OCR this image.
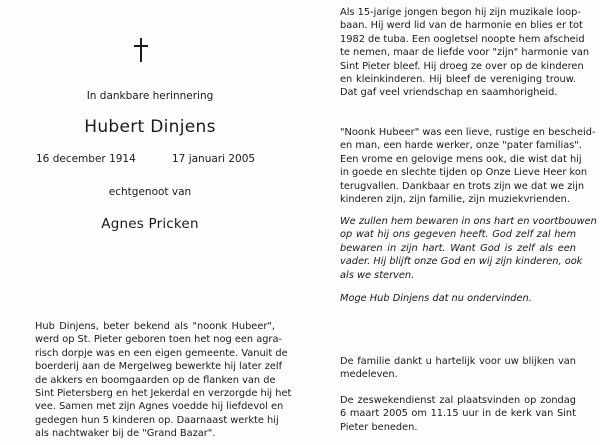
In dankbare herinnering
Hubert Dinjens
16 december 1914	17 januari 2005
echtgenoot van
Agnes Pricken
Hub Dinjens, beter bekend als "noonk Hubeer",
werd op St. Pieter geboren toen het nog een agra-
risch dorpje was en een eigen gemeente. Vanuit de
boerderij aan de Mergelweg bewerkte hij later zelf
de akkers en boomgaarden op de flanken van de
Sint Pietersberg en het Jekerdal en verzorgde hij het
vee. Samen met zijn Agnes voedde hij liefdevol en
gedegen hun 5 kinderen op. Daarnaast werkte hij
als nachtwaker bij de "Grand Bazar".
Als 15-jarige jongen begon hij zijn muzikale loop-
baan. Hij werd lid van de harmonie en blies er tot
1982 de tuba. Een oogletsel noopte hem afscheid
te nemen, maar de liefde voor "zijn" harmonie van
Sint Pieter bleef. Hij droeg ze over op de kinderen
en kleinkinderen. Hij bleef de vereniging trouw.
Dat gaf veel vriendschap en saamhorigheid.
"Noonk Hubeer" was een lieve, rustige en bescheid-
en man, een harde werker, onze "pater familias".
Een vrome en gelovige mens ook, die wist dat hij
in goede en slechte tijden op Onze Lieve Heer kon
terugvallen. Dankbaar en trots zijn we dat we zijn
kinderen zijn, zijn familie, zijn muziekvrienden.
We zullen hem bewaren in ons hart en voortbouwen
op wat hij ons gegeven heeft. God zelf zal hem
bewaren in zijn hart. Want God is zelf als een
vader. Hij blijft onze God en wij zijn kinderen, ook
als we sterven.
Moge Hub Dinjens dat nu ondervinden.
De familie dankt u hartelijk voor uw blijken van
medeleven.
De zeswekendienst zal plaatsvinden op zondag
6 maart 2005 om 11.15 uur in de kerk van Sint
Pieter beneden.
